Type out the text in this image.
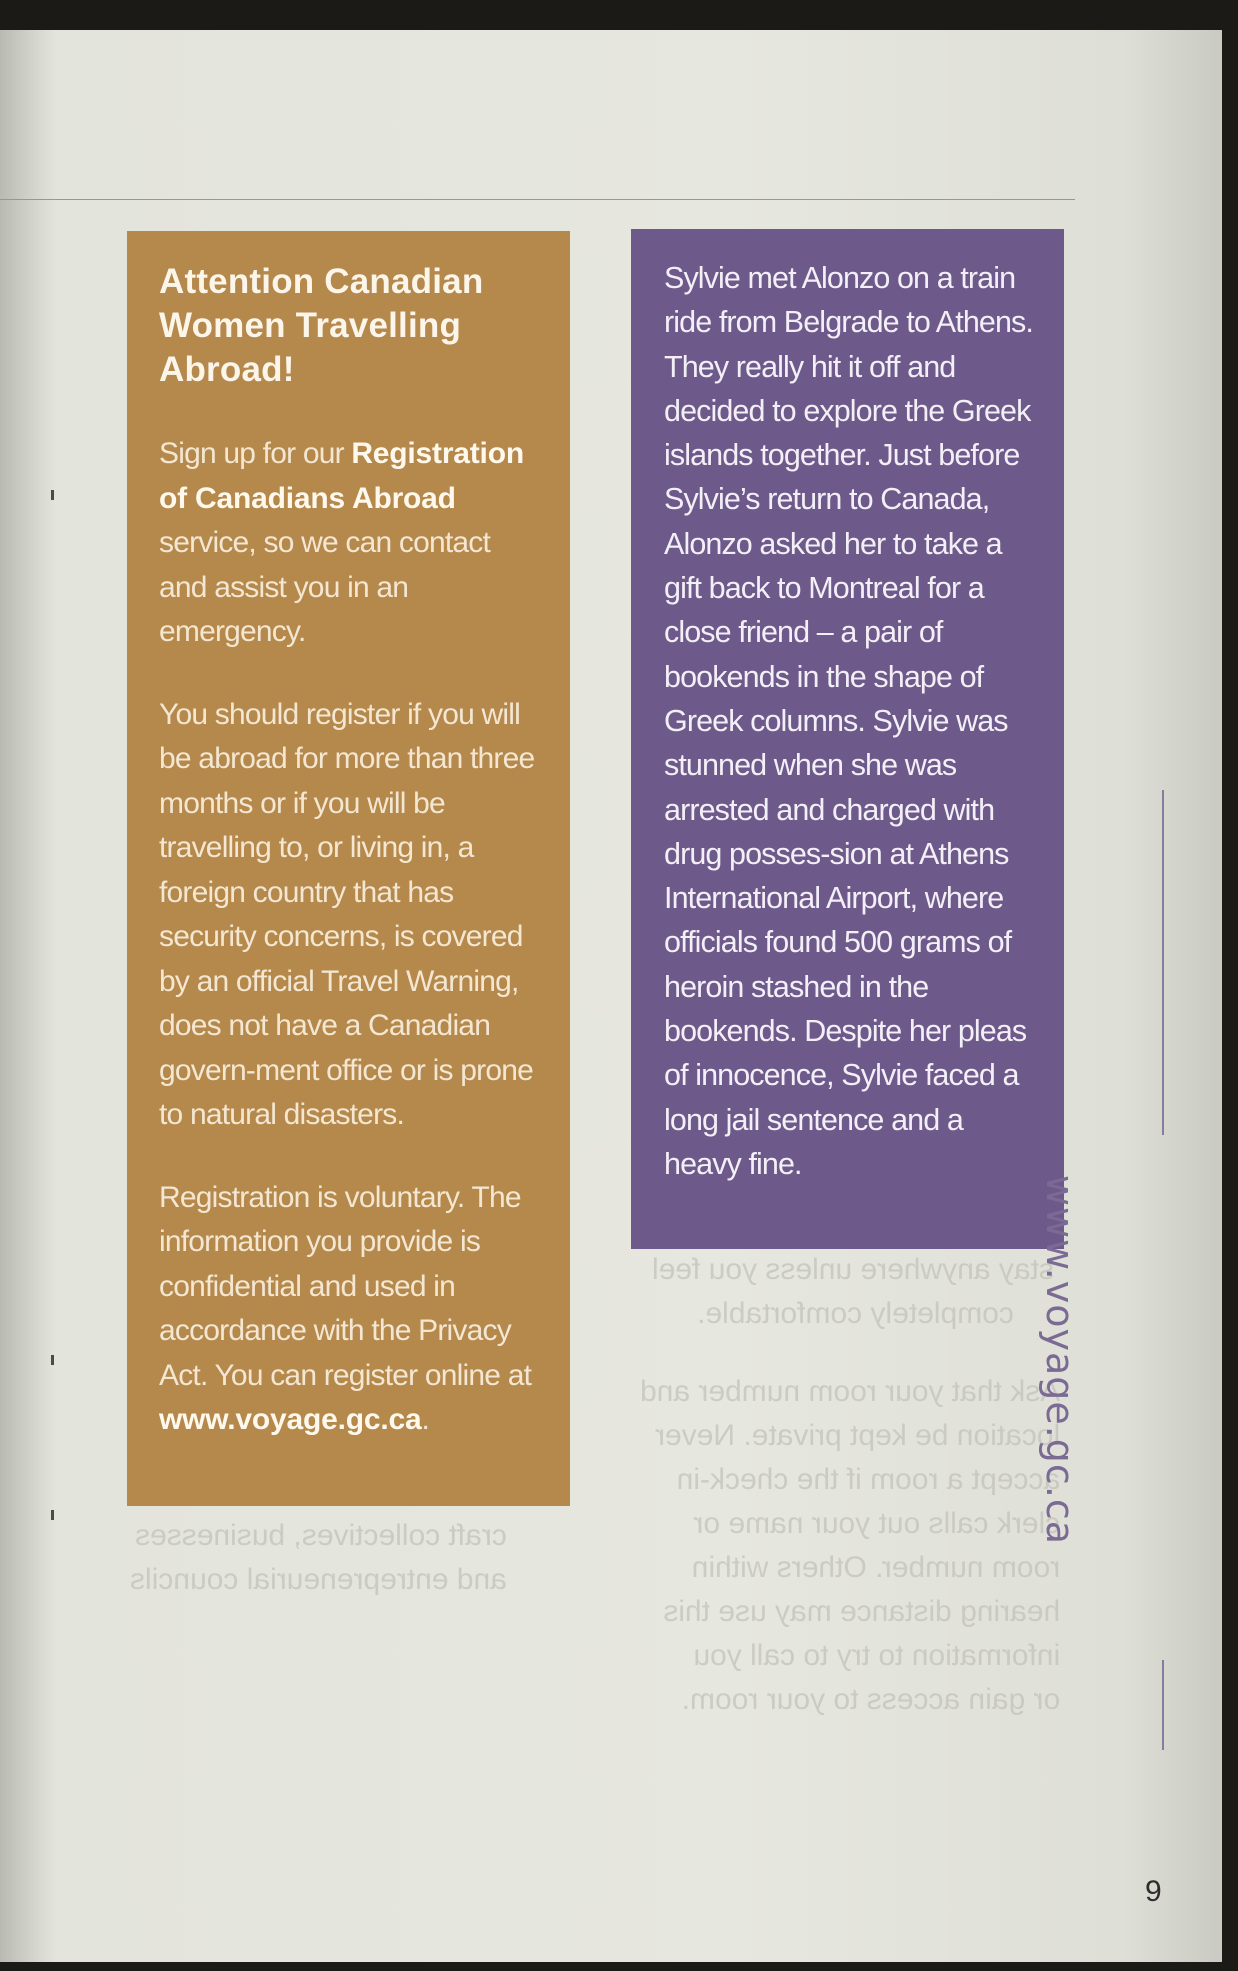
stay anywhere unless you feel
completely comfortable.
Ask that your room number and
location be kept private. Never
accept a room if the check-in
clerk calls out your name or
room number. Others within
hearing distance may use this
information to try to call you
or gain access to your room.
craft collectives, businesses
and entrepreneurial councils
Attention Canadian Women Travelling Abroad!

Sign up for our Registration of Canadians Abroad service, so we can contact and assist you in an emergency.

You should register if you will be abroad for more than three months or if you will be travelling to, or living in, a foreign country that has security concerns, is covered by an official Travel Warning, does not have a Canadian govern-ment office or is prone to natural disasters.

Registration is voluntary. The information you provide is confidential and used in accordance with the Privacy Act. You can register online at www.voyage.gc.ca.

Sylvie met Alonzo on a train ride from Belgrade to Athens. They really hit it off and decided to explore the Greek islands together. Just before Sylvie’s return to Canada, Alonzo asked her to take a gift back to Montreal for a close friend – a pair of bookends in the shape of Greek columns. Sylvie was stunned when she was arrested and charged with drug posses-sion at Athens International Airport, where officials found 500 grams of heroin stashed in the bookends. Despite her pleas of innocence, Sylvie faced a long jail sentence and a heavy fine.

www.voyage.gc.ca
9
